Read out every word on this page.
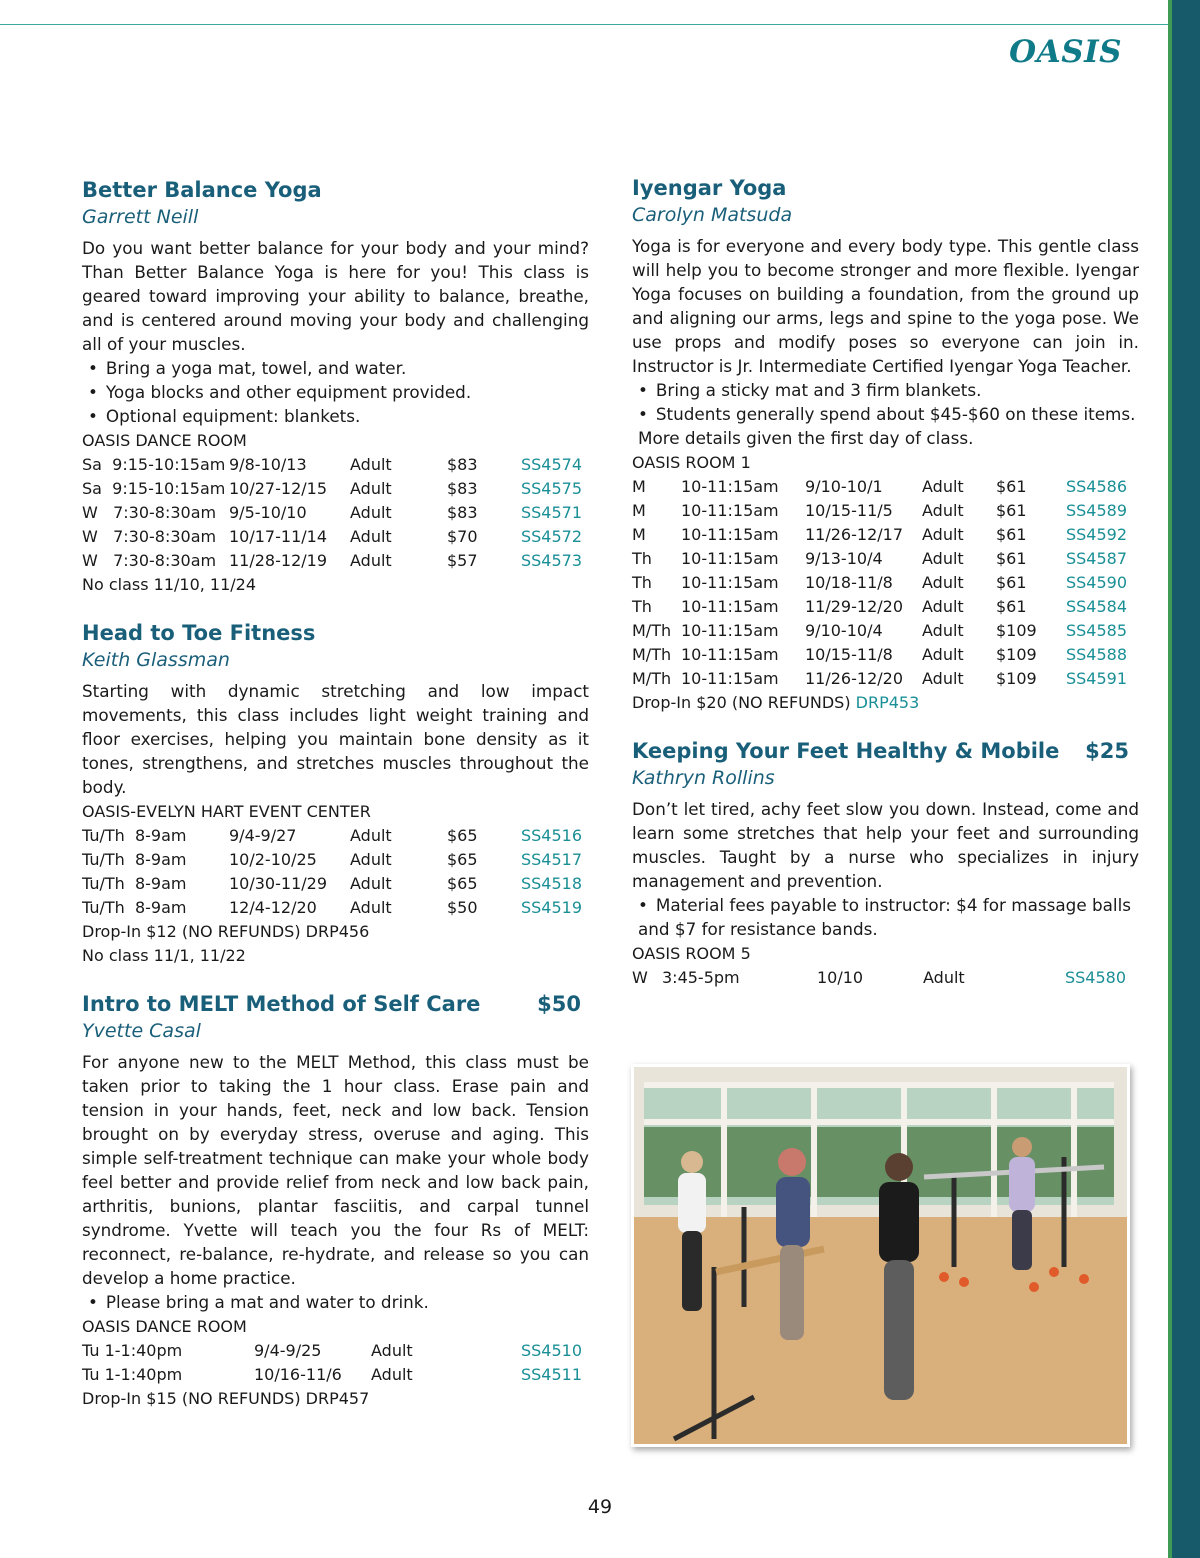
OASIS
Better Balance Yoga
Garrett Neill

Do you want better balance for your body and your mind? Than Better Balance Yoga is here for you! This class is geared toward improving your ability to balance, breathe, and is centered around moving your body and challenging all of your muscles.

• Bring a yoga mat, towel, and water.
• Yoga blocks and other equipment provided.
• Optional equipment: blankets.
OASIS DANCE ROOM
Sa  9:15-10:15am	9/8-10/13	Adult	$83	SS4574
Sa  9:15-10:15am	10/27-12/15	Adult	$83	SS4575
W   7:30-8:30am	9/5-10/10	Adult	$83	SS4571
W   7:30-8:30am	10/17-11/14	Adult	$70	SS4572
W   7:30-8:30am	11/28-12/19	Adult	$57	SS4573
No class 11/10, 11/24
Head to Toe Fitness
Keith Glassman

Starting with dynamic stretching and low impact movements, this class includes light weight training and floor exercises, helping you maintain bone density as it tones, strengthens, and stretches muscles throughout the body.

OASIS-EVELYN HART EVENT CENTER
Tu/Th  8-9am	9/4-9/27	Adult	$65	SS4516
Tu/Th  8-9am	10/2-10/25	Adult	$65	SS4517
Tu/Th  8-9am	10/30-11/29	Adult	$65	SS4518
Tu/Th  8-9am	12/4-12/20	Adult	$50	SS4519
Drop-In $12 (NO REFUNDS) DRP456
No class 11/1, 11/22
Intro to MELT Method of Self Care	$50
Yvette Casal

For anyone new to the MELT Method, this class must be taken prior to taking the 1 hour class. Erase pain and tension in your hands, feet, neck and low back. Tension brought on by everyday stress, overuse and aging. This simple self-treatment technique can make your whole body feel better and provide relief from neck and low back pain, arthritis, bunions, plantar fasciitis, and carpal tunnel syndrome. Yvette will teach you the four Rs of MELT: reconnect, re-balance, re-hydrate, and release so you can develop a home practice.

• Please bring a mat and water to drink.
OASIS DANCE ROOM
Tu 1-1:40pm	9/4-9/25	Adult	SS4510
Tu 1-1:40pm	10/16-11/6	Adult	SS4511
Drop-In $15 (NO REFUNDS) DRP457
Iyengar Yoga
Carolyn Matsuda

Yoga is for everyone and every body type. This gentle class will help you to become stronger and more flexible. Iyengar Yoga focuses on building a foundation, from the ground up and aligning our arms, legs and spine to the yoga pose. We use props and modify poses so everyone can join in. Instructor is Jr. Intermediate Certified Iyengar Yoga Teacher.

• Bring a sticky mat and 3 firm blankets.
• Students generally spend about $45-$60 on these items. More details given the first day of class.
OASIS ROOM 1
M	10-11:15am	9/10-10/1	Adult	$61	SS4586
M	10-11:15am	10/15-11/5	Adult	$61	SS4589
M	10-11:15am	11/26-12/17	Adult	$61	SS4592
Th	10-11:15am	9/13-10/4	Adult	$61	SS4587
Th	10-11:15am	10/18-11/8	Adult	$61	SS4590
Th	10-11:15am	11/29-12/20	Adult	$61	SS4584
M/Th	10-11:15am	9/10-10/4	Adult	$109	SS4585
M/Th	10-11:15am	10/15-11/8	Adult	$109	SS4588
M/Th	10-11:15am	11/26-12/20	Adult	$109	SS4591
Drop-In $20 (NO REFUNDS) DRP453
Keeping Your Feet Healthy & Mobile $25
Kathryn Rollins

Don’t let tired, achy feet slow you down. Instead, come and learn some stretches that help your feet and surrounding muscles. Taught by a nurse who specializes in injury management and prevention.

• Material fees payable to instructor: $4 for massage balls and $7 for resistance bands.
OASIS ROOM 5
W	3:45-5pm	10/10	Adult	SS4580
49
